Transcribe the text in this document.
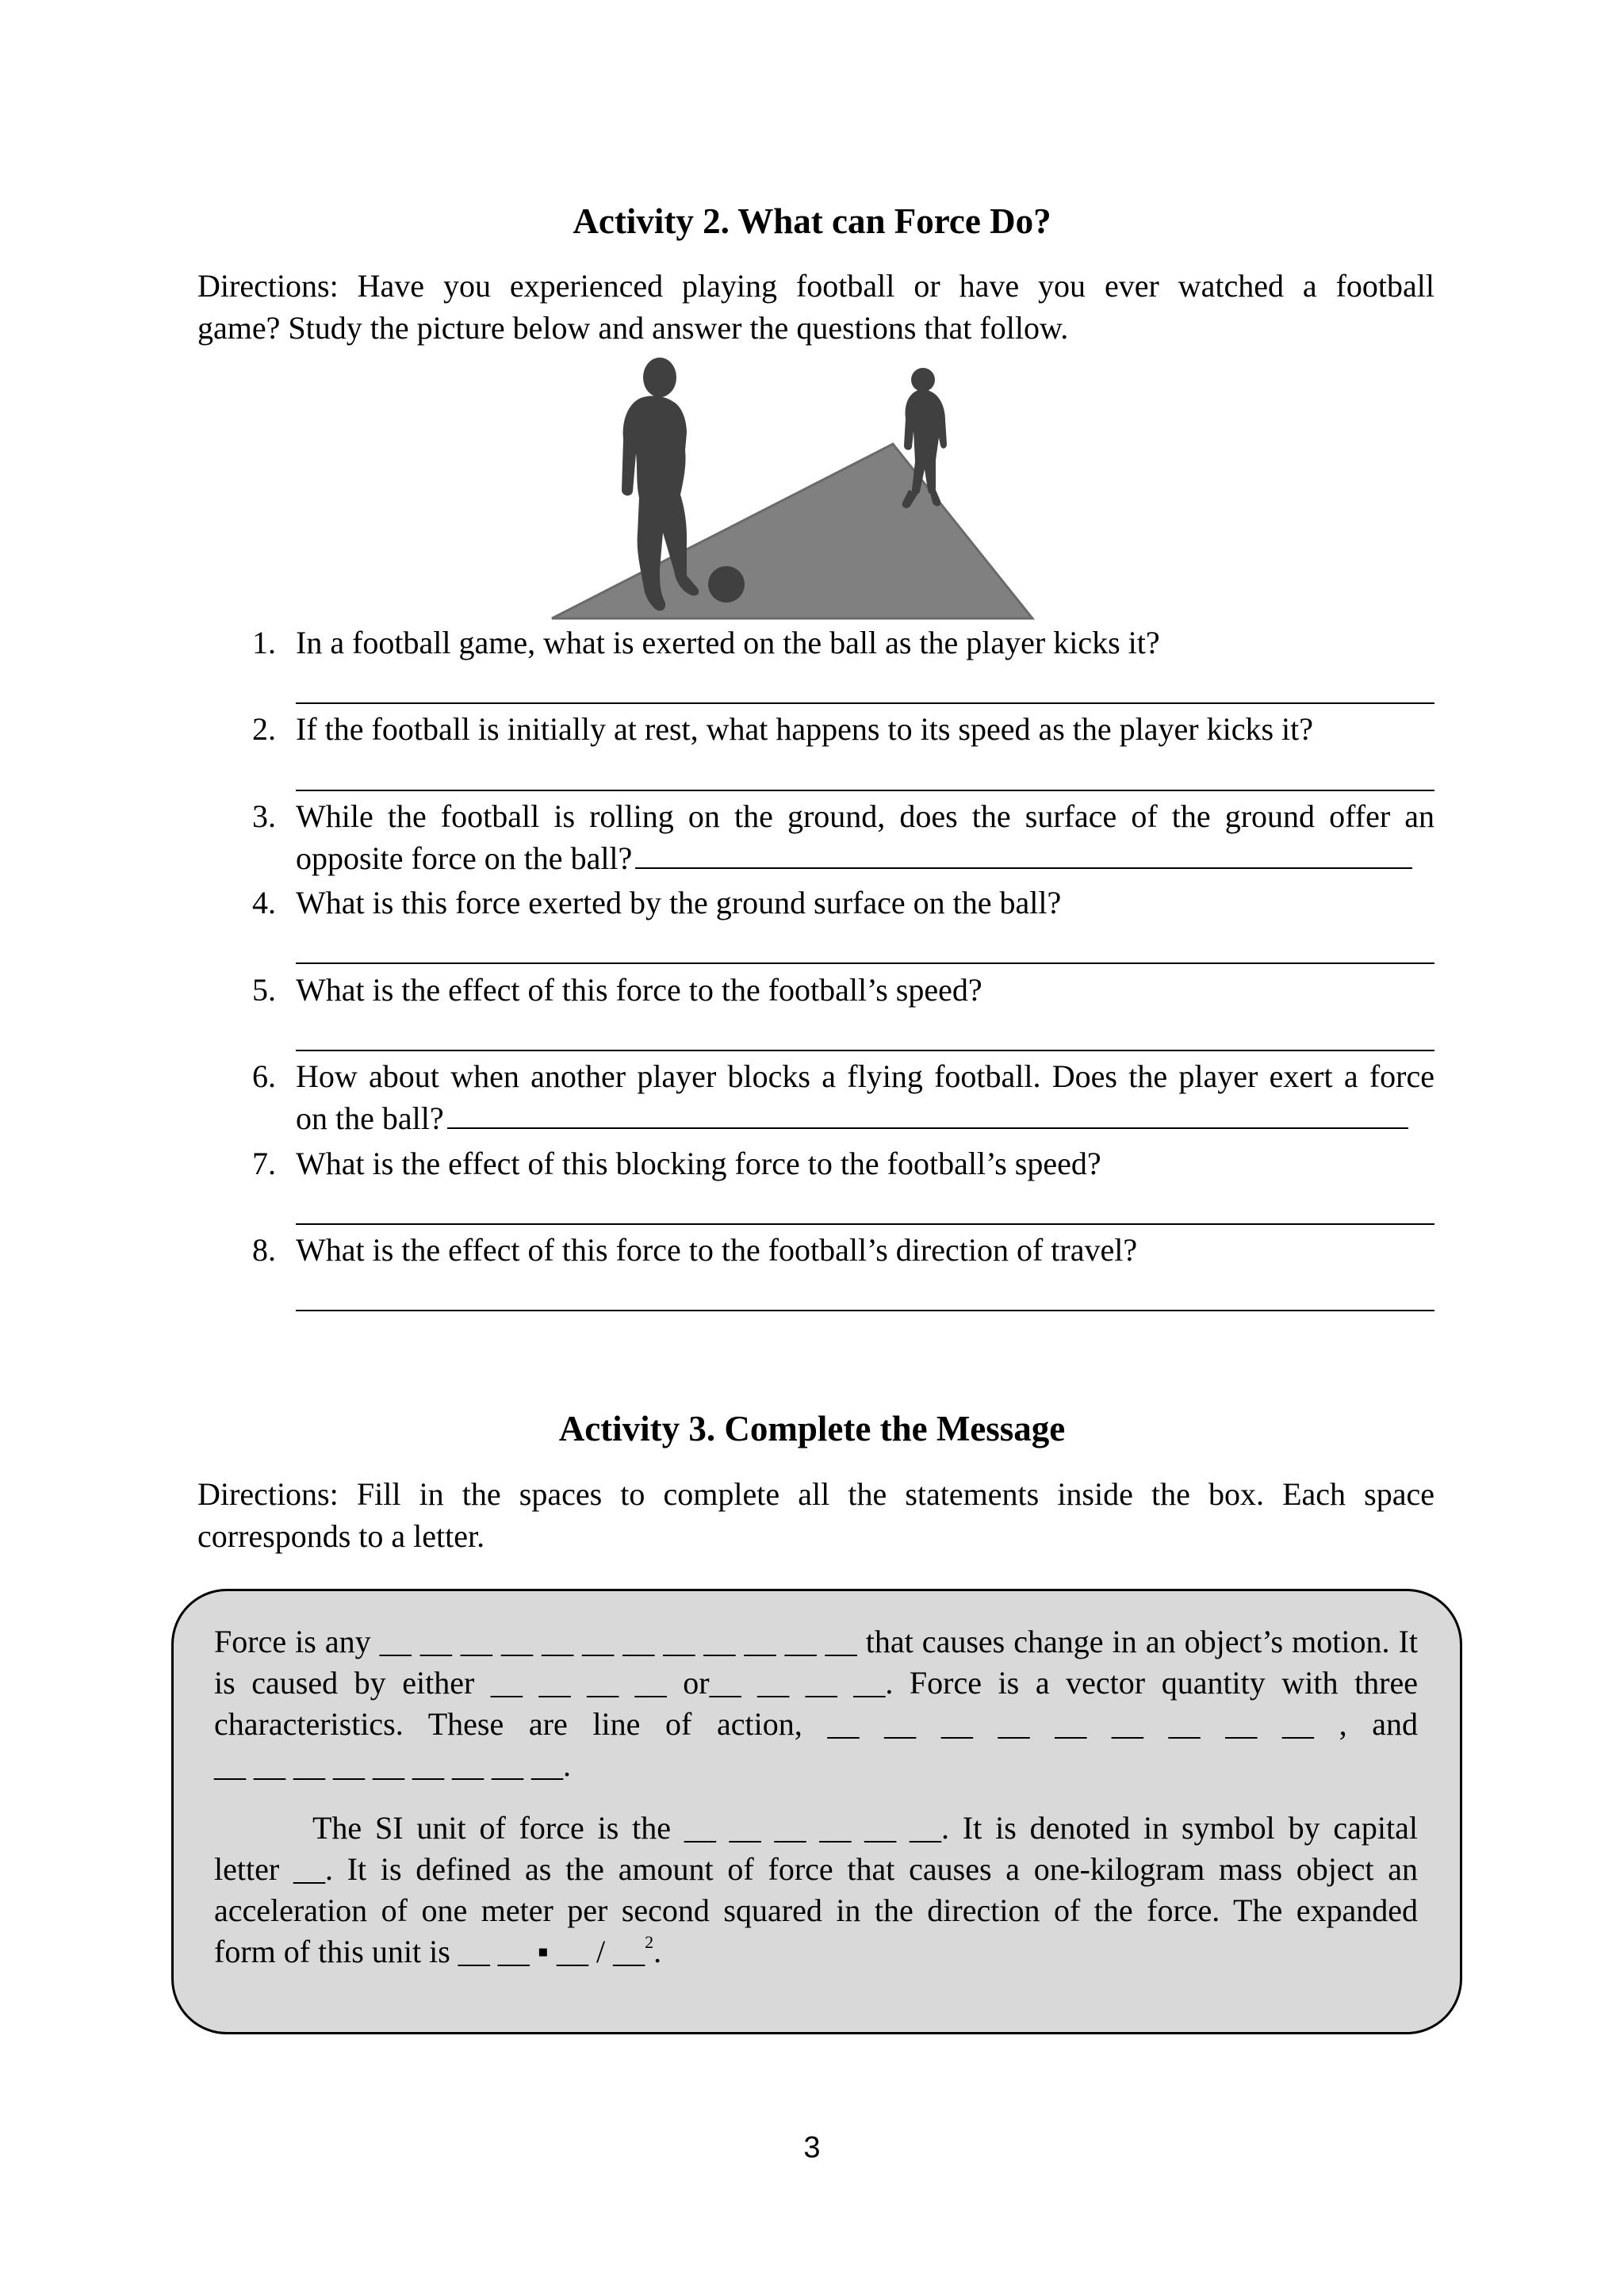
Activity 2. What can Force Do?
Directions: Have you experienced playing football or have you ever watched a football
game? Study the picture below and answer the questions that follow.
1. In a football game, what is exerted on the ball as the player kicks it?
2. If the football is initially at rest, what happens to its speed as the player kicks it?
3. While the football is rolling on the ground, does the surface of the ground offer an
opposite force on the ball?
4. What is this force exerted by the ground surface on the ball?
5. What is the effect of this force to the football’s speed?
6. How about when another player blocks a flying football. Does the player exert a force
on the ball?
7. What is the effect of this blocking force to the football’s speed?
8. What is the effect of this force to the football’s direction of travel?
Activity 3. Complete the Message
Directions: Fill in the spaces to complete all the statements inside the box. Each space
corresponds to a letter.
Force is any __ __ __ __ __ __ __ __ __ __ __ __ that causes change in an object’s motion. It
is caused by either __ __ __ __ or__ __ __ __. Force is a vector quantity with three
characteristics. These are line of action, __ __ __ __ __ __ __ __ __ , and
__ __ __ __ __ __ __ __ __.
The SI unit of force is the __ __ __ __ __ __. It is denoted in symbol by capital
letter __. It is defined as the amount of force that causes a one-kilogram mass object an
acceleration of one meter per second squared in the direction of the force. The expanded
form of this unit is __ __ ▪ __ / __$^2$.
3
